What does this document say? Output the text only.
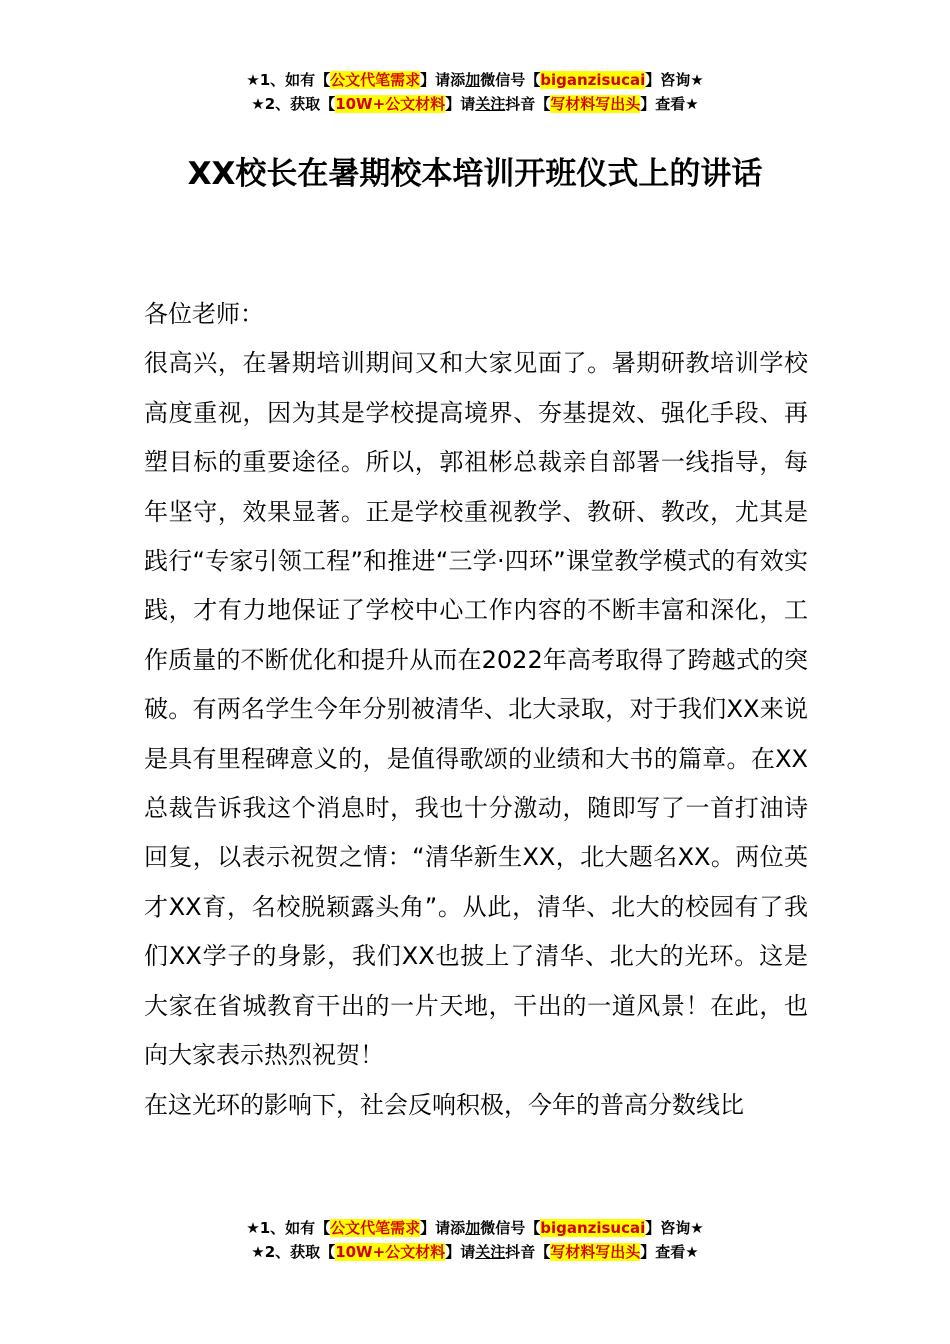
★1、如有【公文代笔需求】请添加微信号【biganzisucai】咨询★
★2、获取【10W+公文材料】请关注抖音【写材料写出头】查看★
XX校长在暑期校本培训开班仪式上的讲话

各位老师：

很高兴，在暑期培训期间又和大家见面了。暑期研教培训学校高度重视，因为其是学校提高境界、夯基提效、强化手段、再塑目标的重要途径。所以，郭祖彬总裁亲自部署一线指导，每年坚守，效果显著。正是学校重视教学、教研、教改，尤其是践行“专家引领工程”和推进“三学·四环”课堂教学模式的有效实践，才有力地保证了学校中心工作内容的不断丰富和深化，工作质量的不断优化和提升从而在2022年高考取得了跨越式的突破。有两名学生今年分别被清华、北大录取，对于我们XX来说是具有里程碑意义的，是值得歌颂的业绩和大书的篇章。在XX总裁告诉我这个消息时，我也十分激动，随即写了一首打油诗回复，以表示祝贺之情：“清华新生XX，北大题名XX。两位英才XX育，名校脱颖露头角”。从此，清华、北大的校园有了我们XX学子的身影，我们XX也披上了清华、北大的光环。这是大家在省城教育干出的一片天地，干出的一道风景！在此，也向大家表示热烈祝贺！

在这光环的影响下，社会反响积极，今年的普高分数线比

★1、如有【公文代笔需求】请添加微信号【biganzisucai】咨询★
★2、获取【10W+公文材料】请关注抖音【写材料写出头】查看★
